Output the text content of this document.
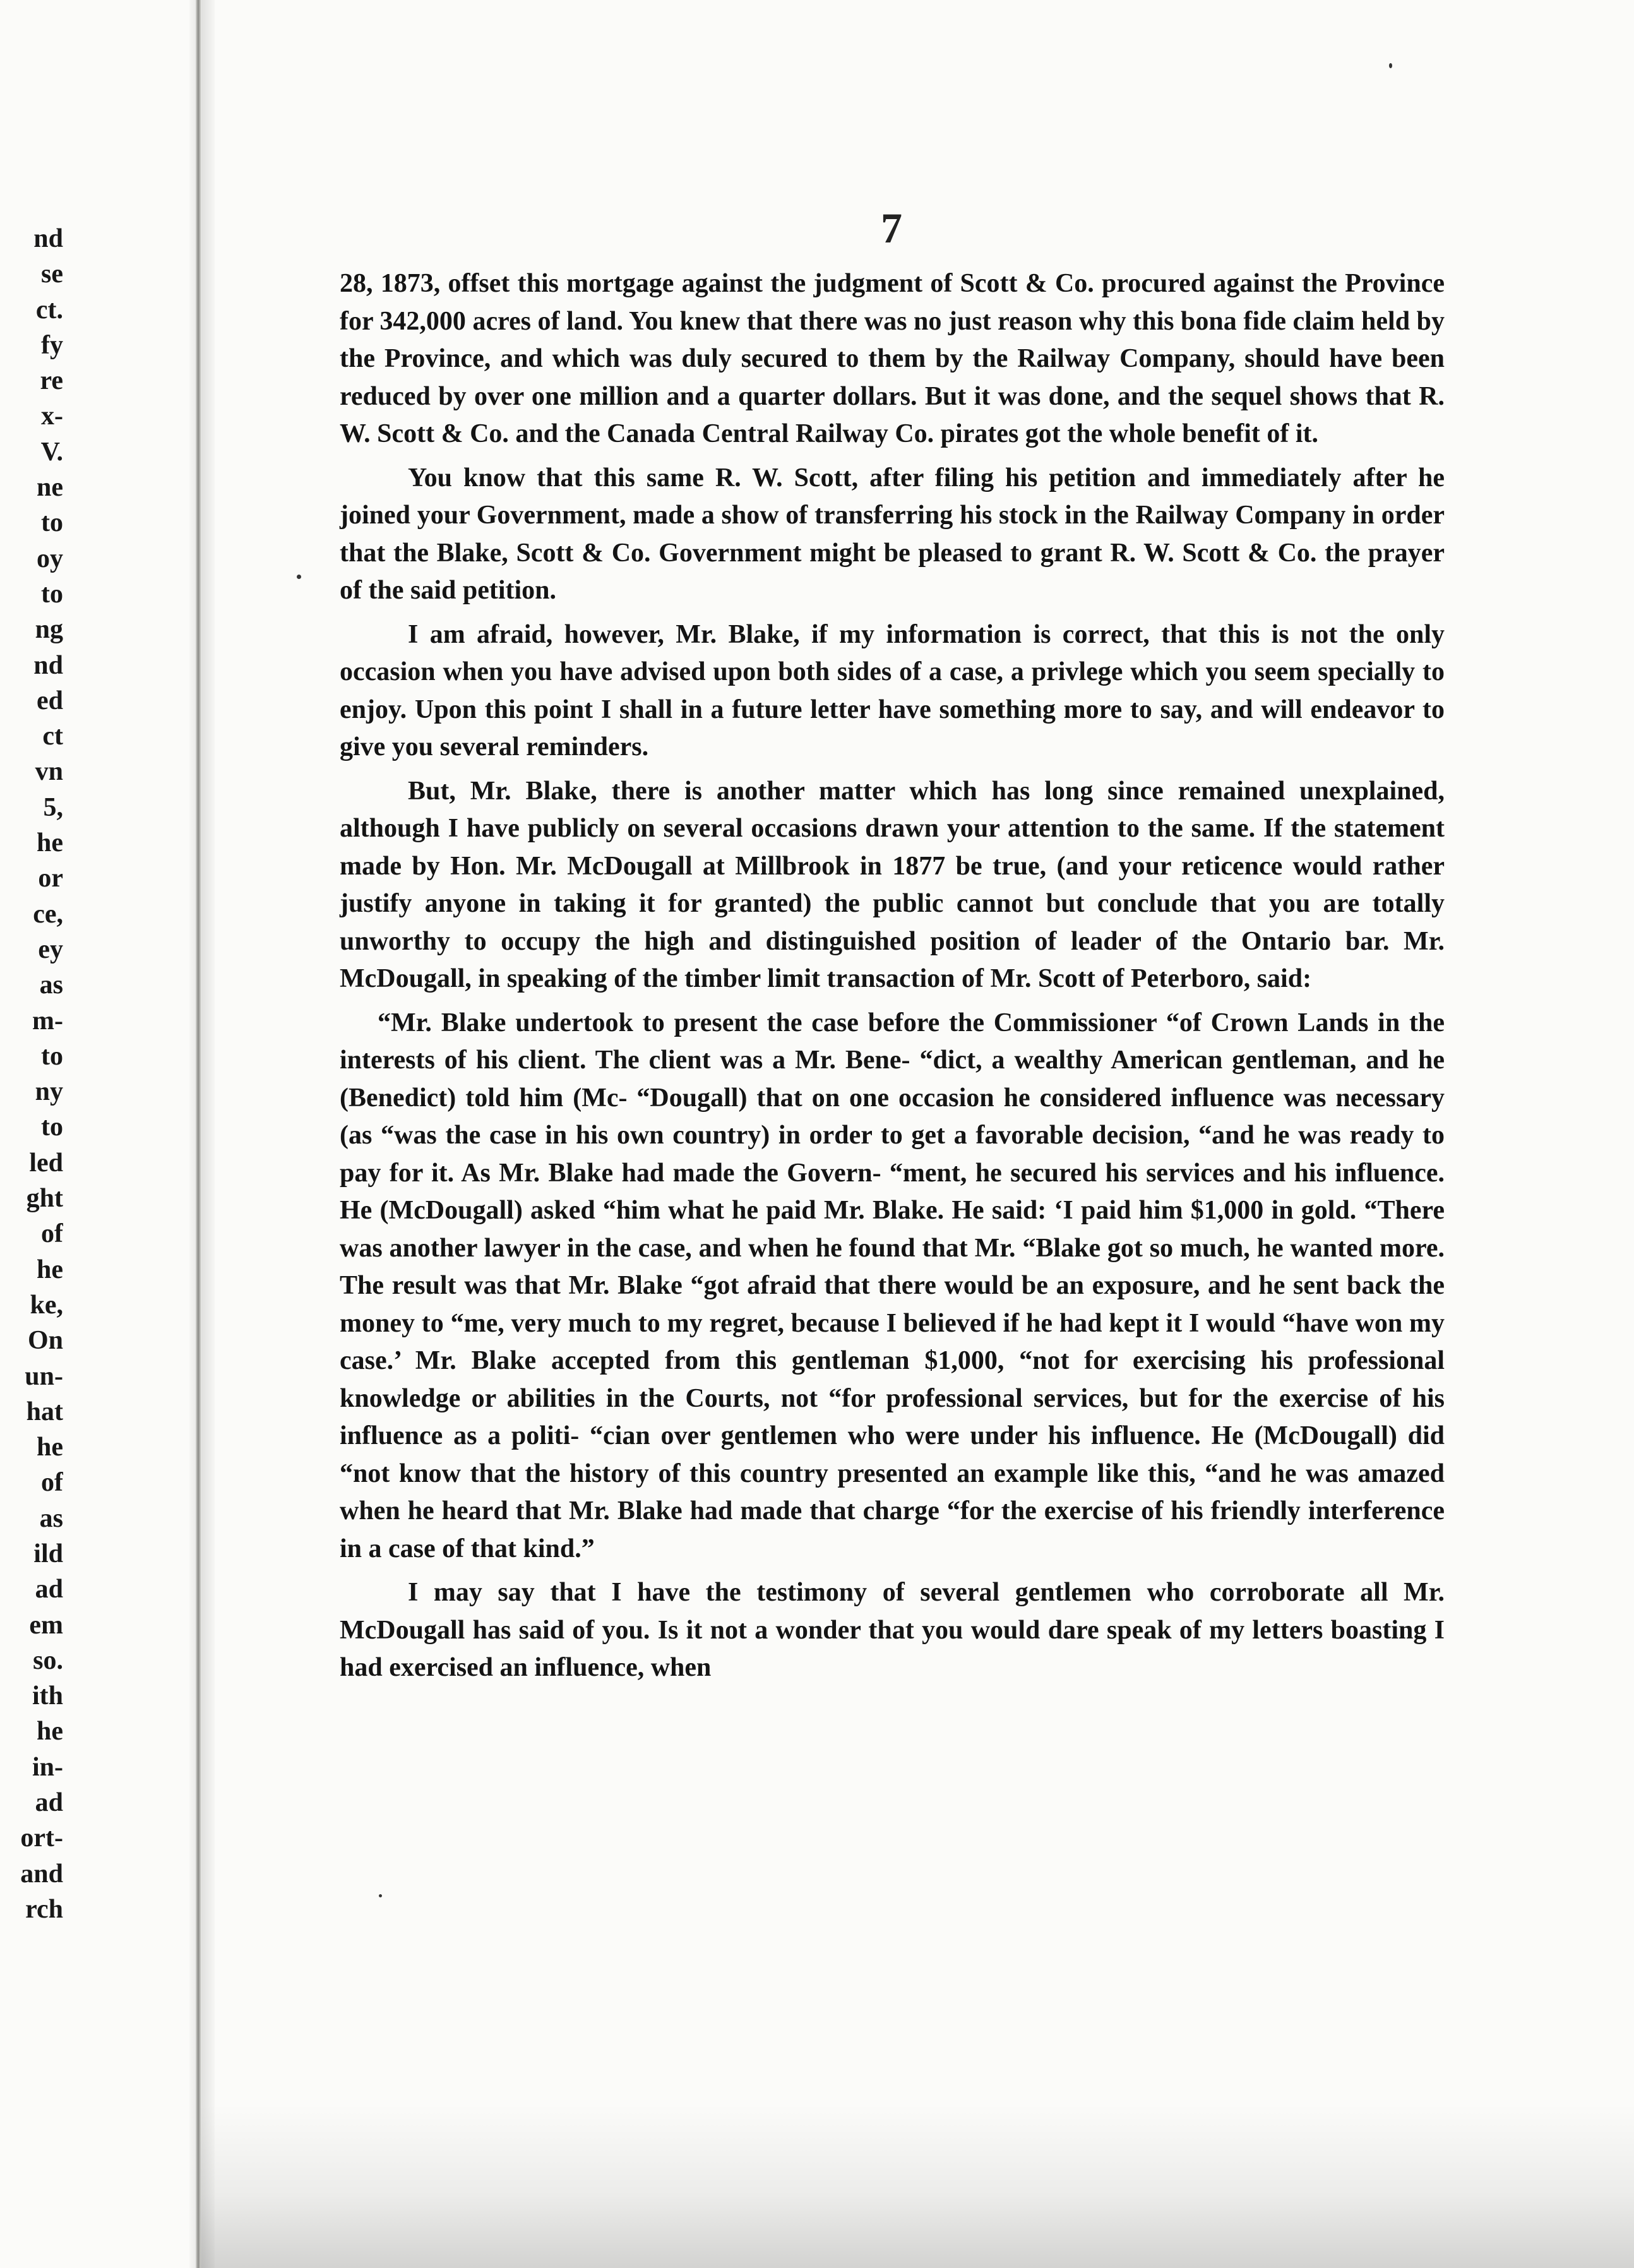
nd
se
ct.
fy
re
x-
V.
ne
to
oy
to
ng
nd
ed
ct
vn
5,
he
or
ce,
ey
as
m-
to
ny
to
led
ght
of
he
ke,
On
un-
hat
he
of
as
ild
ad
em
so.
ith
he
in-
ad
ort-
and
rch
7

28, 1873, offset this mortgage against the judgment of Scott & Co. procured against the Province for 342,000 acres of land. You knew that there was no just reason why this bona fide claim held by the Province, and which was duly secured to them by the Railway Company, should have been reduced by over one million and a quarter dollars. But it was done, and the sequel shows that R. W. Scott & Co. and the Canada Central Railway Co. pirates got the whole benefit of it.

You know that this same R. W. Scott, after filing his petition and immediately after he joined your Government, made a show of transferring his stock in the Railway Company in order that the Blake, Scott & Co. Government might be pleased to grant R. W. Scott & Co. the prayer of the said petition.

I am afraid, however, Mr. Blake, if my information is correct, that this is not the only occasion when you have advised upon both sides of a case, a privlege which you seem specially to enjoy. Upon this point I shall in a future letter have something more to say, and will endeavor to give you several reminders.

But, Mr. Blake, there is another matter which has long since remained unexplained, although I have publicly on several occasions drawn your attention to the same. If the statement made by Hon. Mr. McDougall at Millbrook in 1877 be true, (and your reticence would rather justify anyone in taking it for granted) the public cannot but conclude that you are totally unworthy to occupy the high and distinguished position of leader of the Ontario bar. Mr. McDougall, in speaking of the timber limit transaction of Mr. Scott of Peterboro, said:

“Mr. Blake undertook to present the case before the Commissioner “of Crown Lands in the interests of his client. The client was a Mr. Bene- “dict, a wealthy American gentleman, and he (Benedict) told him (Mc- “Dougall) that on one occasion he considered influence was necessary (as “was the case in his own country) in order to get a favorable decision, “and he was ready to pay for it. As Mr. Blake had made the Govern- “ment, he secured his services and his influence. He (McDougall) asked “him what he paid Mr. Blake. He said: ‘I paid him $1,000 in gold. “There was another lawyer in the case, and when he found that Mr. “Blake got so much, he wanted more. The result was that Mr. Blake “got afraid that there would be an exposure, and he sent back the money to “me, very much to my regret, because I believed if he had kept it I would “have won my case.’ Mr. Blake accepted from this gentleman $1,000, “not for exercising his professional knowledge or abilities in the Courts, not “for professional services, but for the exercise of his influence as a politi- “cian over gentlemen who were under his influence. He (McDougall) did “not know that the history of this country presented an example like this, “and he was amazed when he heard that Mr. Blake had made that charge “for the exercise of his friendly interference in a case of that kind.”

I may say that I have the testimony of several gentlemen who corroborate all Mr. McDougall has said of you. Is it not a wonder that you would dare speak of my letters boasting I had exercised an influence, when
